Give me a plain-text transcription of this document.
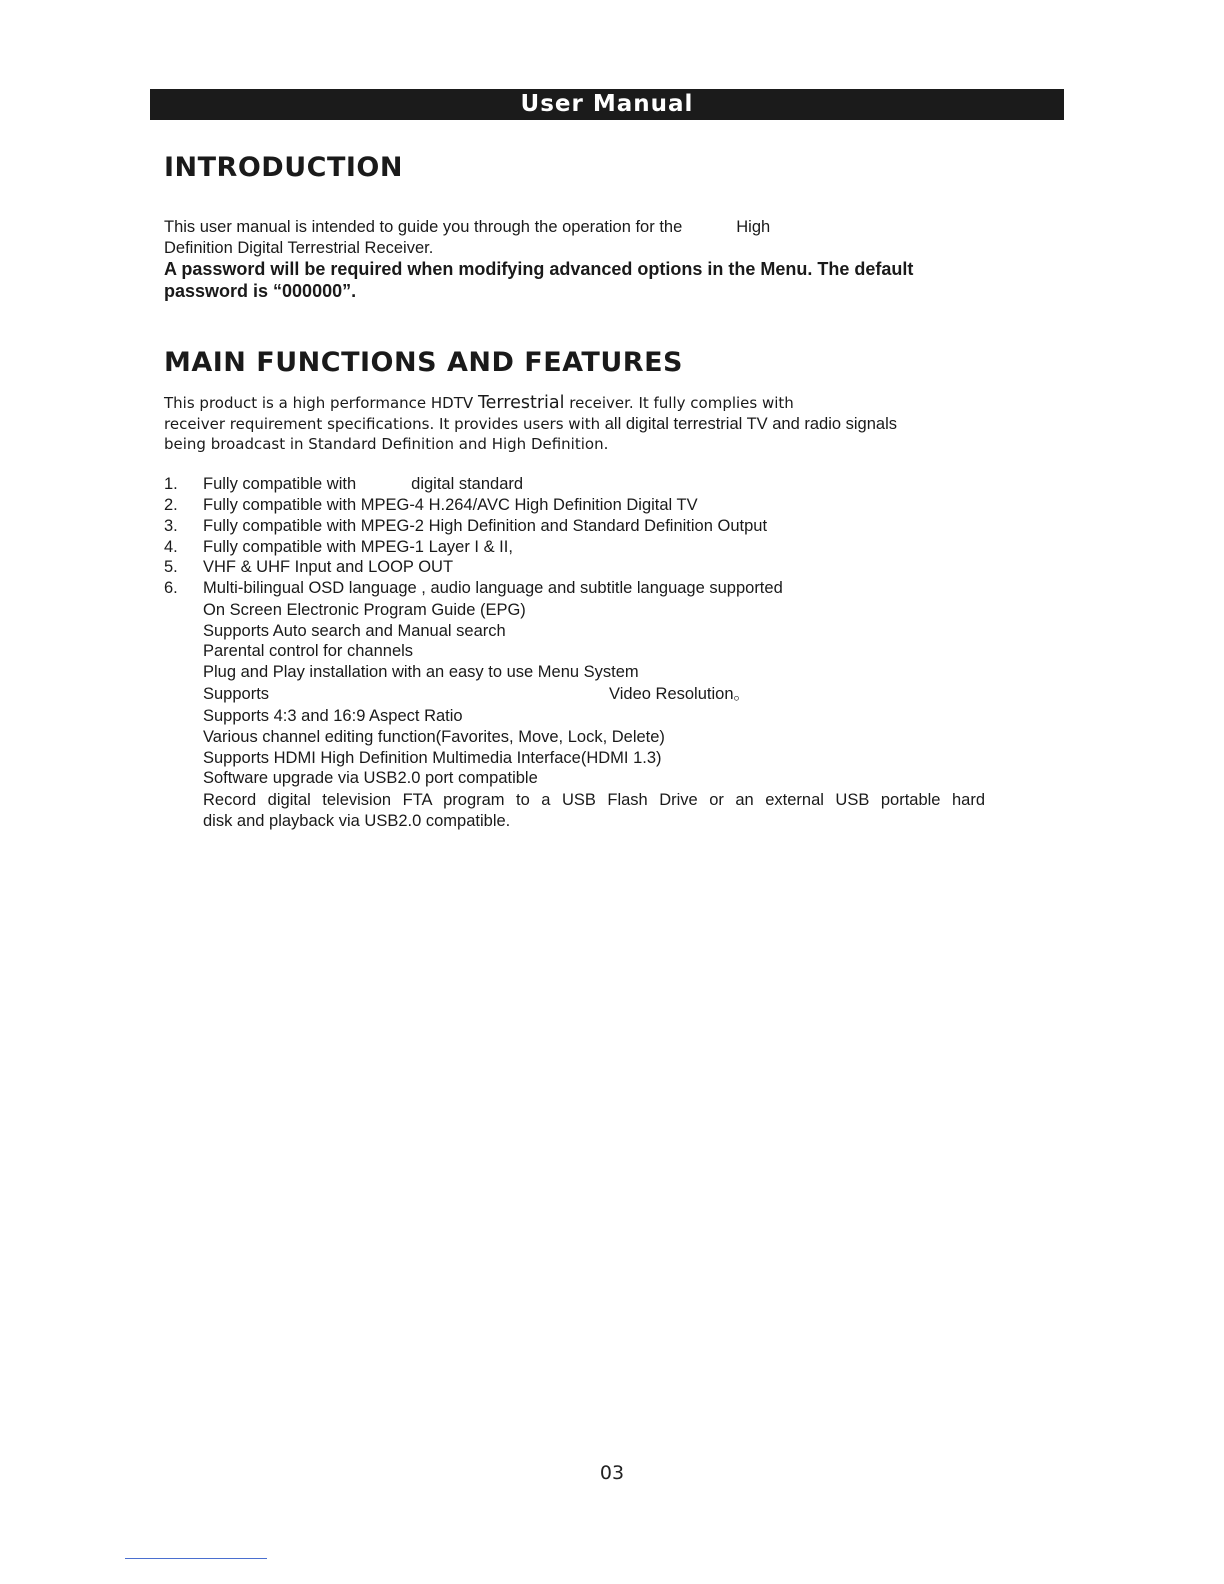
User Manual
INTRODUCTION
This user manual is intended to guide you through the operation for the	High
Definition Digital Terrestrial Receiver.
A password will be required when modifying advanced options in the Menu. The default
password is “000000”.
MAIN FUNCTIONS AND FEATURES
This product is a high performance HDTV Terrestrial receiver. It fully complies with
receiver requirement specifications. It provides users with all digital terrestrial TV and radio signals
being broadcast in Standard Definition and High Definition.
1. Fully compatible with	digital standard
2. Fully compatible with MPEG-4 H.264/AVC High Definition Digital TV
3. Fully compatible with MPEG-2 High Definition and Standard Definition Output
4. Fully compatible with MPEG-1 Layer I & II,
5. VHF & UHF Input and LOOP OUT
6. Multi-bilingual OSD language , audio language and subtitle language supported
On Screen Electronic Program Guide (EPG)
Supports Auto search and Manual search
Parental control for channels
Plug and Play installation with an easy to use Menu System
Supports	Video Resolution。
Supports 4:3 and 16:9 Aspect Ratio
Various channel editing function(Favorites, Move, Lock, Delete)
Supports HDMI High Definition Multimedia Interface(HDMI 1.3)
Software upgrade via USB2.0 port compatible
Record digital television FTA program to a USB Flash Drive or an external USB portable hard
disk and playback via USB2.0 compatible.
03
